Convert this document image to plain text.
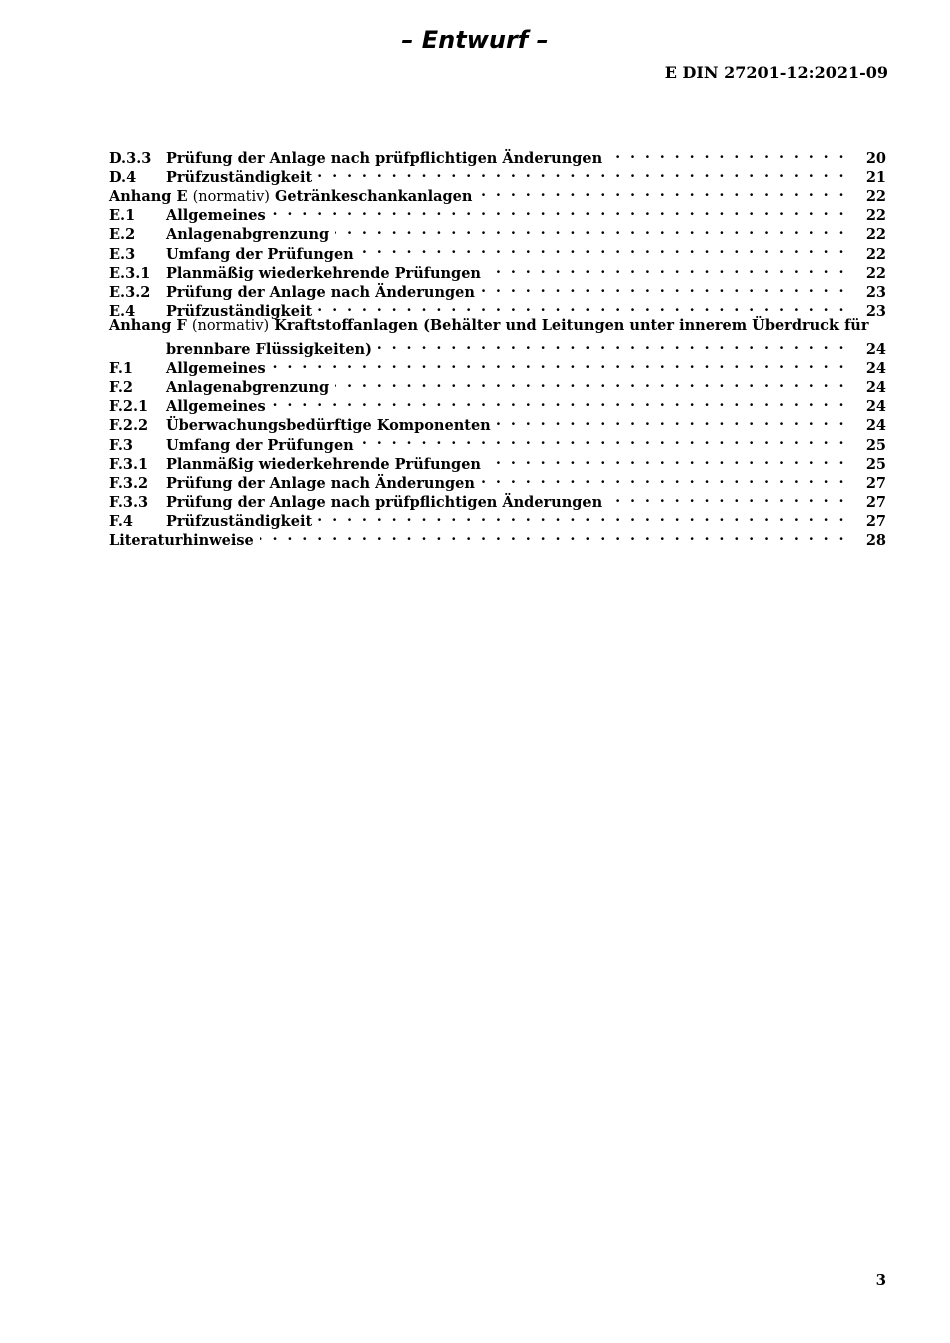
– Entwurf –
E DIN 27201-12:2021-09
D.3.3	Prüfung der Anlage nach prüfpflichtigen Änderungen . . .	20
D.4	Prüfzuständigkeit . . .	21
Anhang E (normativ) Getränkeschankanlagen . . .	22
E.1	Allgemeines . . .	22
E.2	Anlagenabgrenzung . . .	22
E.3	Umfang der Prüfungen . . .	22
E.3.1	Planmäßig wiederkehrende Prüfungen . . .	22
E.3.2	Prüfung der Anlage nach Änderungen . . .	23
E.4	Prüfzuständigkeit . . .	23
Anhang F (normativ) Kraftstoffanlagen (Behälter und Leitungen unter innerem Überdruck für
brennbare Flüssigkeiten) . . .	24
F.1	Allgemeines . . .	24
F.2	Anlagenabgrenzung . . .	24
F.2.1	Allgemeines . . .	24
F.2.2	Überwachungsbedürftige Komponenten . . .	24
F.3	Umfang der Prüfungen . . .	25
F.3.1	Planmäßig wiederkehrende Prüfungen . . .	25
F.3.2	Prüfung der Anlage nach Änderungen . . .	27
F.3.3	Prüfung der Anlage nach prüfpflichtigen Änderungen . . .	27
F.4	Prüfzuständigkeit . . .	27
Literaturhinweise . . .	28
3
